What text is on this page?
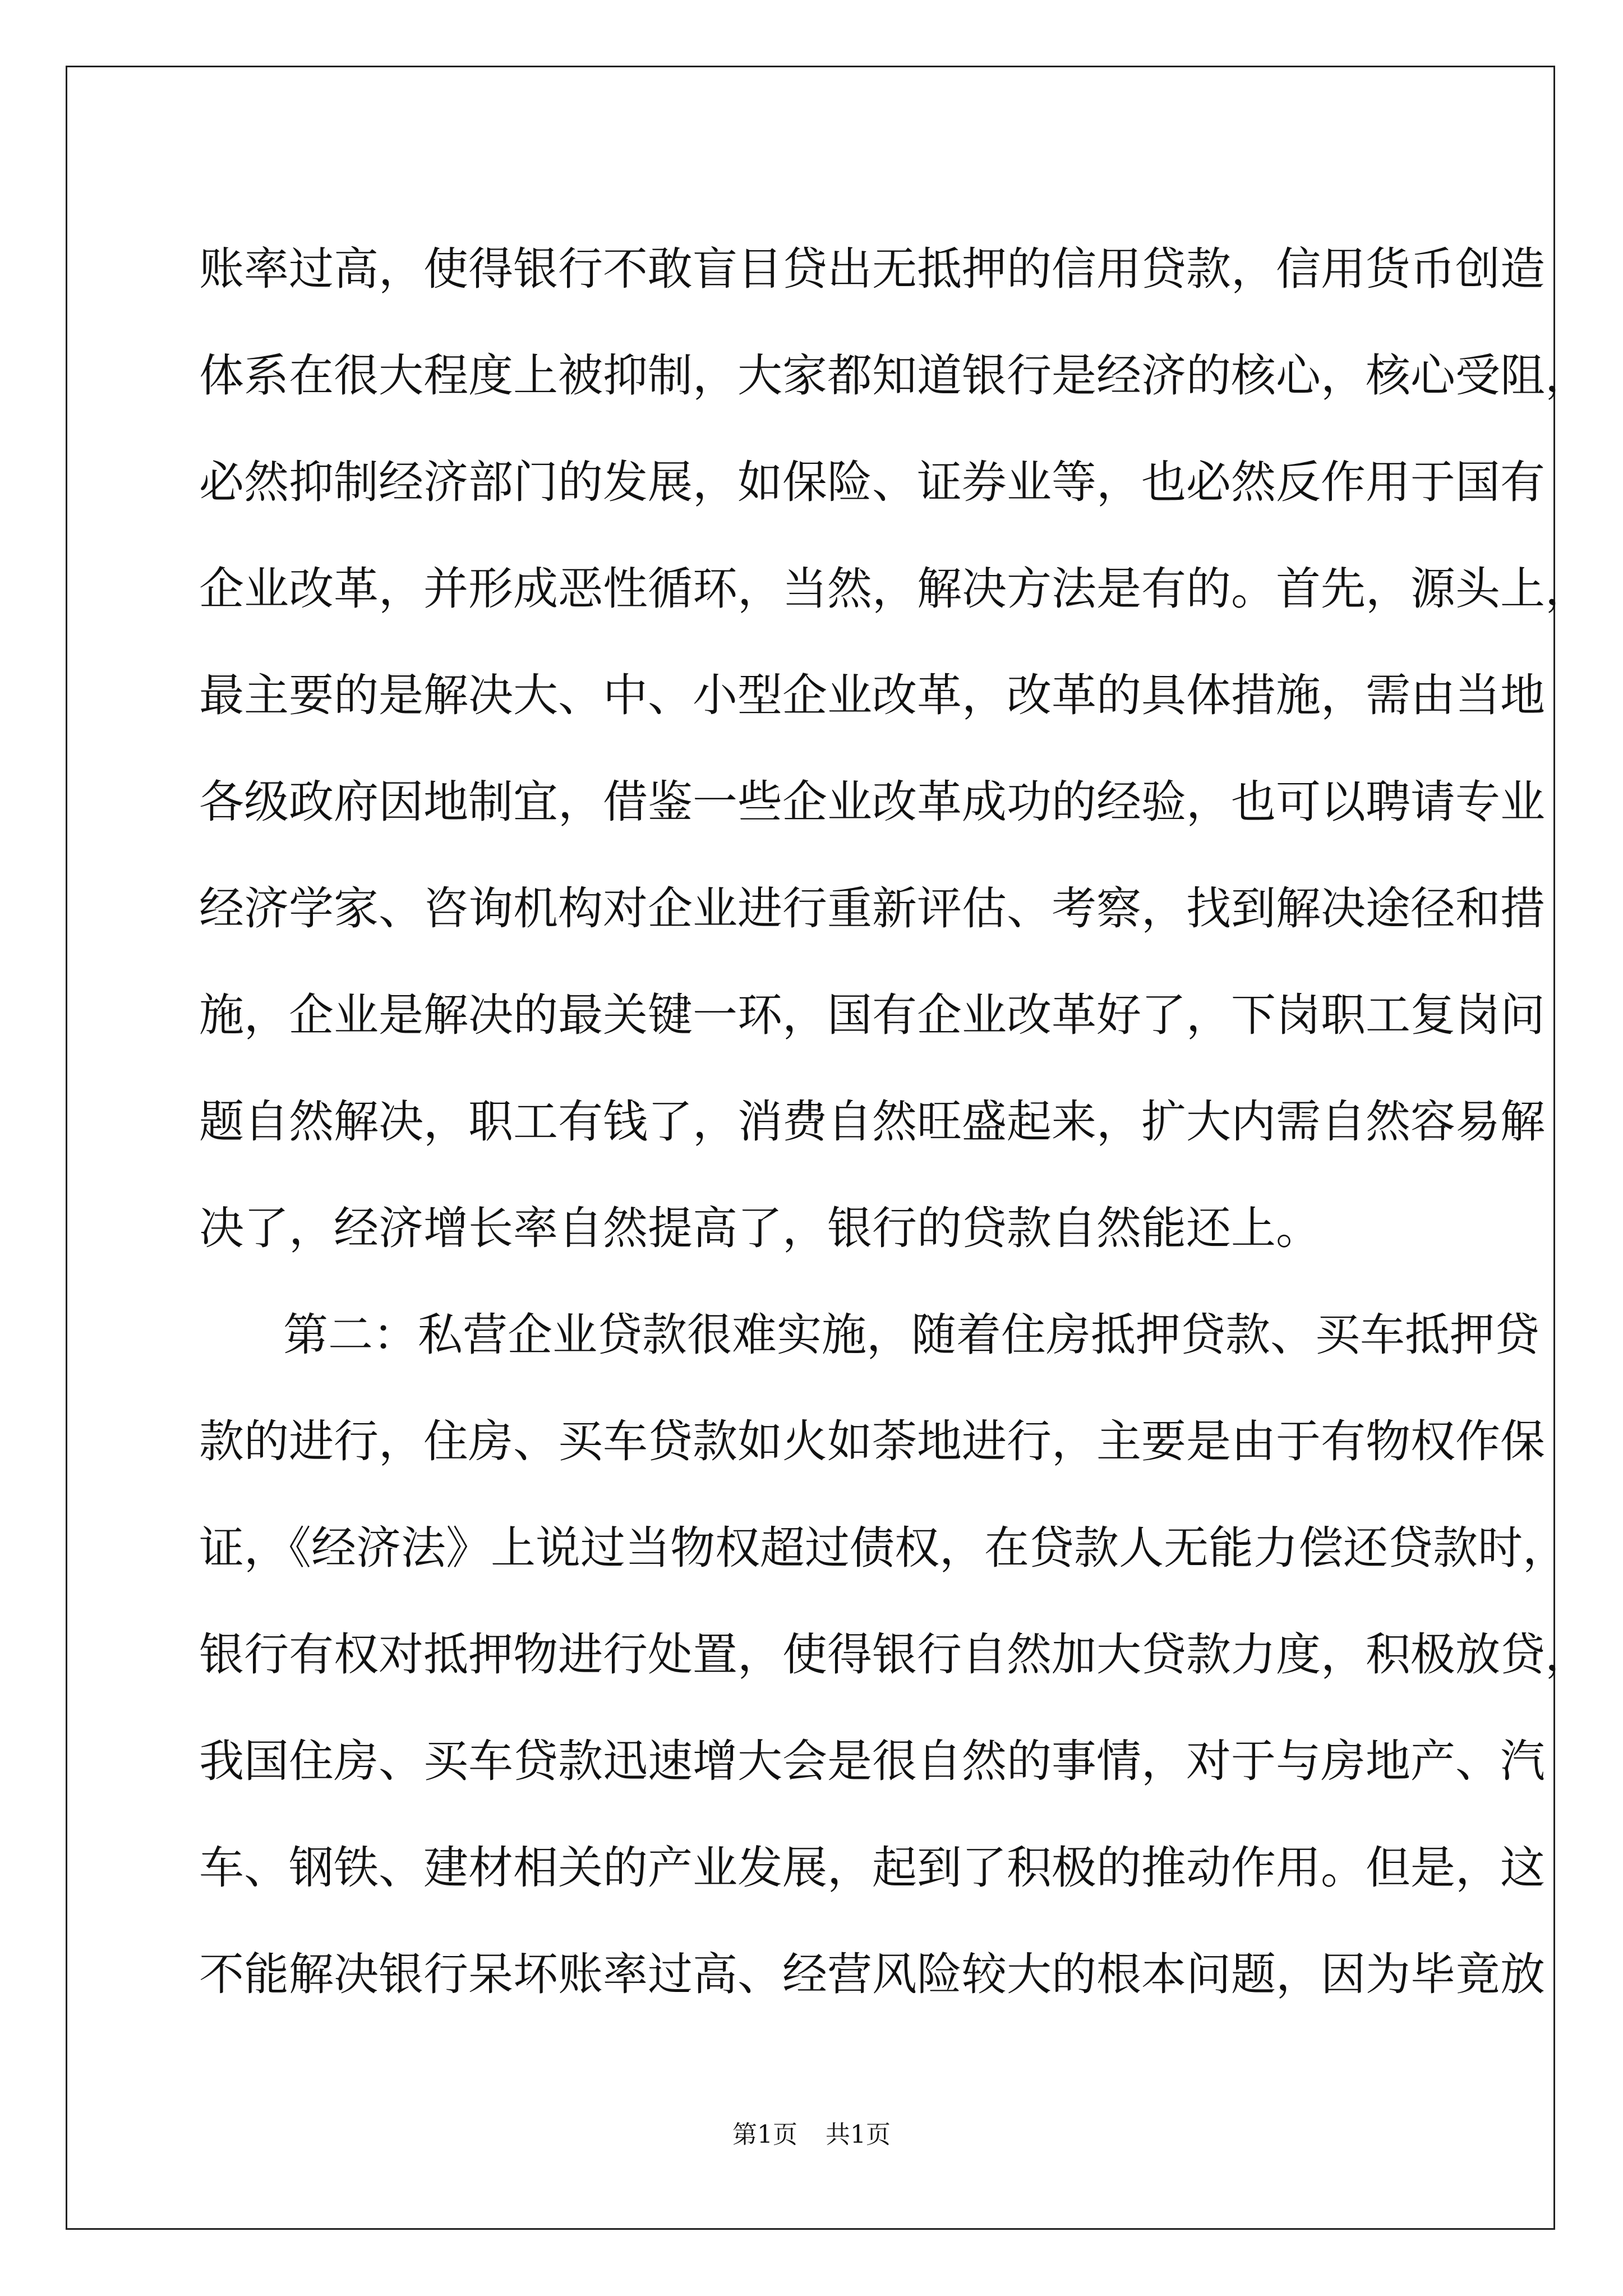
账率过高，使得银行不敢盲目贷出无抵押的信用贷款，信用货币创造
体系在很大程度上被抑制，大家都知道银行是经济的核心，核心受阻，
必然抑制经济部门的发展，如保险、证券业等，也必然反作用于国有
企业改革，并形成恶性循环，当然，解决方法是有的。首先，源头上，
最主要的是解决大、中、小型企业改革，改革的具体措施，需由当地
各级政府因地制宜，借鉴一些企业改革成功的经验，也可以聘请专业
经济学家、咨询机构对企业进行重新评估、考察，找到解决途径和措
施，企业是解决的最关键一环，国有企业改革好了，下岗职工复岗问
题自然解决，职工有钱了，消费自然旺盛起来，扩大内需自然容易解
决了，经济增长率自然提高了，银行的贷款自然能还上。
第二：私营企业贷款很难实施，随着住房抵押贷款、买车抵押贷
款的进行，住房、买车贷款如火如荼地进行，主要是由于有物权作保
证，《经济法》上说过当物权超过债权，在贷款人无能力偿还贷款时，
银行有权对抵押物进行处置，使得银行自然加大贷款力度，积极放贷，
我国住房、买车贷款迅速增大会是很自然的事情，对于与房地产、汽
车、钢铁、建材相关的产业发展，起到了积极的推动作用。但是，这
不能解决银行呆坏账率过高、经营风险较大的根本问题，因为毕竟放
第1页 共1页
